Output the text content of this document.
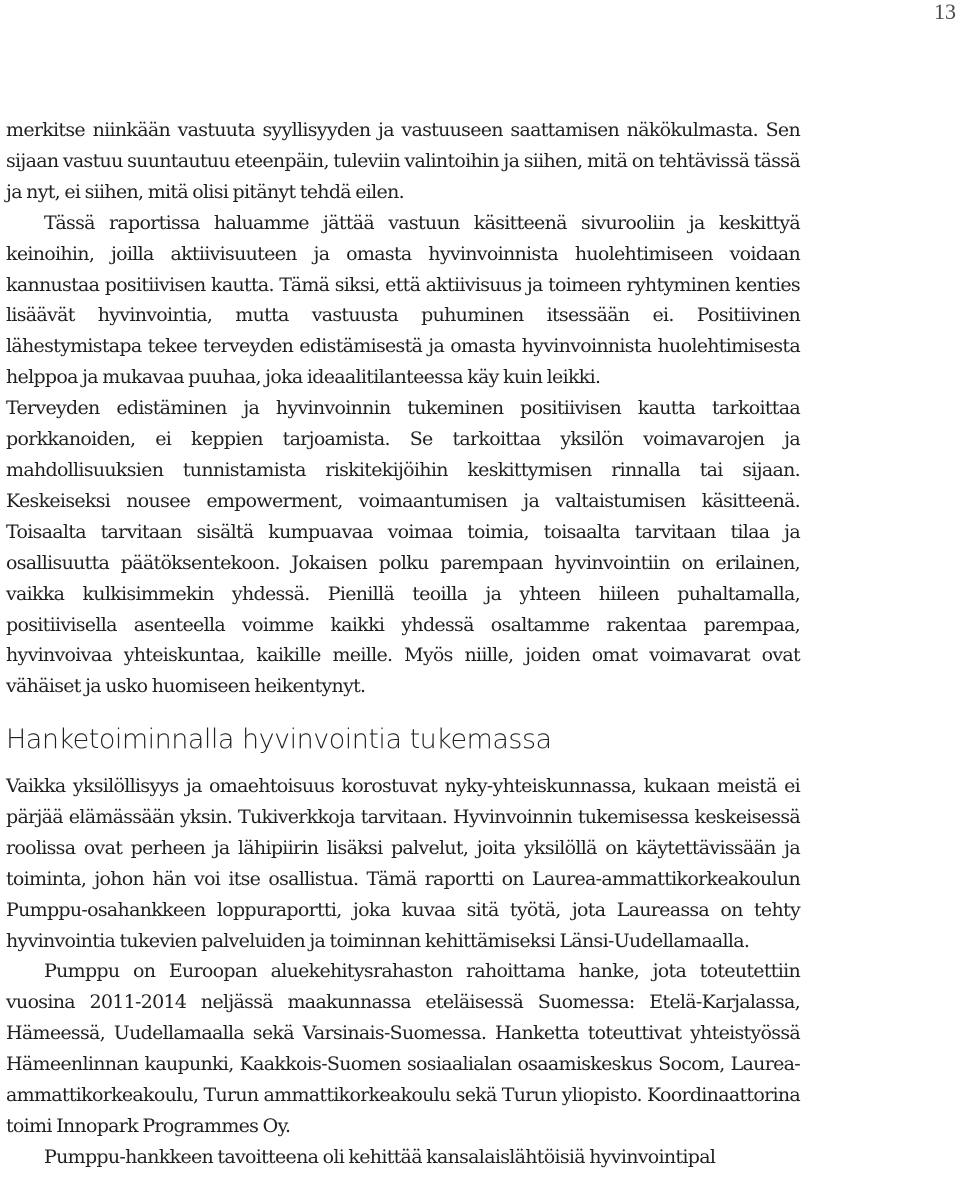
13

merkitse niinkään vastuuta syyllisyyden ja vastuuseen saattamisen näkökulmasta. Sen sijaan vastuu suuntautuu eteenpäin, tuleviin valintoihin ja siihen, mitä on tehtävissä tässä ja nyt, ei siihen, mitä olisi pitänyt tehdä eilen.

Tässä raportissa haluamme jättää vastuun käsitteenä sivurooliin ja keskittyä keinoihin, joilla aktiivisuuteen ja omasta hyvinvoinnista huolehtimiseen voidaan kannustaa positiivisen kautta. Tämä siksi, että aktiivisuus ja toimeen ryhtyminen kenties lisäävät hyvinvointia, mutta vastuusta puhuminen itsessään ei. Positiivinen lähestymistapa tekee terveyden edistämisestä ja omasta hyvinvoinnista huolehtimisesta helppoa ja mukavaa puuhaa, joka ideaalitilanteessa käy kuin leikki.

Terveyden edistäminen ja hyvinvoinnin tukeminen positiivisen kautta tarkoittaa porkkanoiden, ei keppien tarjoamista. Se tarkoittaa yksilön voimavarojen ja mahdollisuuksien tunnistamista riskitekijöihin keskittymisen rinnalla tai sijaan. Keskeiseksi nousee empowerment, voimaantumisen ja valtaistumisen käsitteenä. Toisaalta tarvitaan sisältä kumpuavaa voimaa toimia, toisaalta tarvitaan tilaa ja osallisuutta päätöksentekoon. Jokaisen polku parempaan hyvinvointiin on erilainen, vaikka kulkisimmekin yhdessä. Pienillä teoilla ja yhteen hiileen puhaltamalla, positiivisella asenteella voimme kaikki yhdessä osaltamme rakentaa parempaa, hyvinvoivaa yhteiskuntaa, kaikille meille. Myös niille, joiden omat voimavarat ovat vähäiset ja usko huomiseen heikentynyt.

Hanketoiminnalla hyvinvointia tukemassa

Vaikka yksilöllisyys ja omaehtoisuus korostuvat nyky-yhteiskunnassa, kukaan meistä ei pärjää elämässään yksin. Tukiverkkoja tarvitaan. Hyvinvoinnin tukemisessa keskeisessä roolissa ovat perheen ja lähipiirin lisäksi palvelut, joita yksilöllä on käytettävissään ja toiminta, johon hän voi itse osallistua. Tämä raportti on Laurea-ammattikorkeakoulun Pumppu-osahankkeen loppuraportti, joka kuvaa sitä työtä, jota Laureassa on tehty hyvinvointia tukevien palveluiden ja toiminnan kehittämiseksi Länsi-Uudellamaalla.

Pumppu on Euroopan aluekehitysrahaston rahoittama hanke, jota toteutettiin vuosina 2011-2014 neljässä maakunnassa eteläisessä Suomessa: Etelä-Karjalassa, Hämeessä, Uudellamaalla sekä Varsinais-Suomessa. Hanketta toteuttivat yhteistyössä Hämeenlinnan kaupunki, Kaakkois-Suomen sosiaalialan osaamiskeskus Socom, Laurea-ammattikorkeakoulu, Turun ammattikorkeakoulu sekä Turun yliopisto. Koordinaattorina toimi Innopark Programmes Oy.

Pumppu-hankkeen tavoitteena oli kehittää kansalaislähtöisiä hyvinvointipal
